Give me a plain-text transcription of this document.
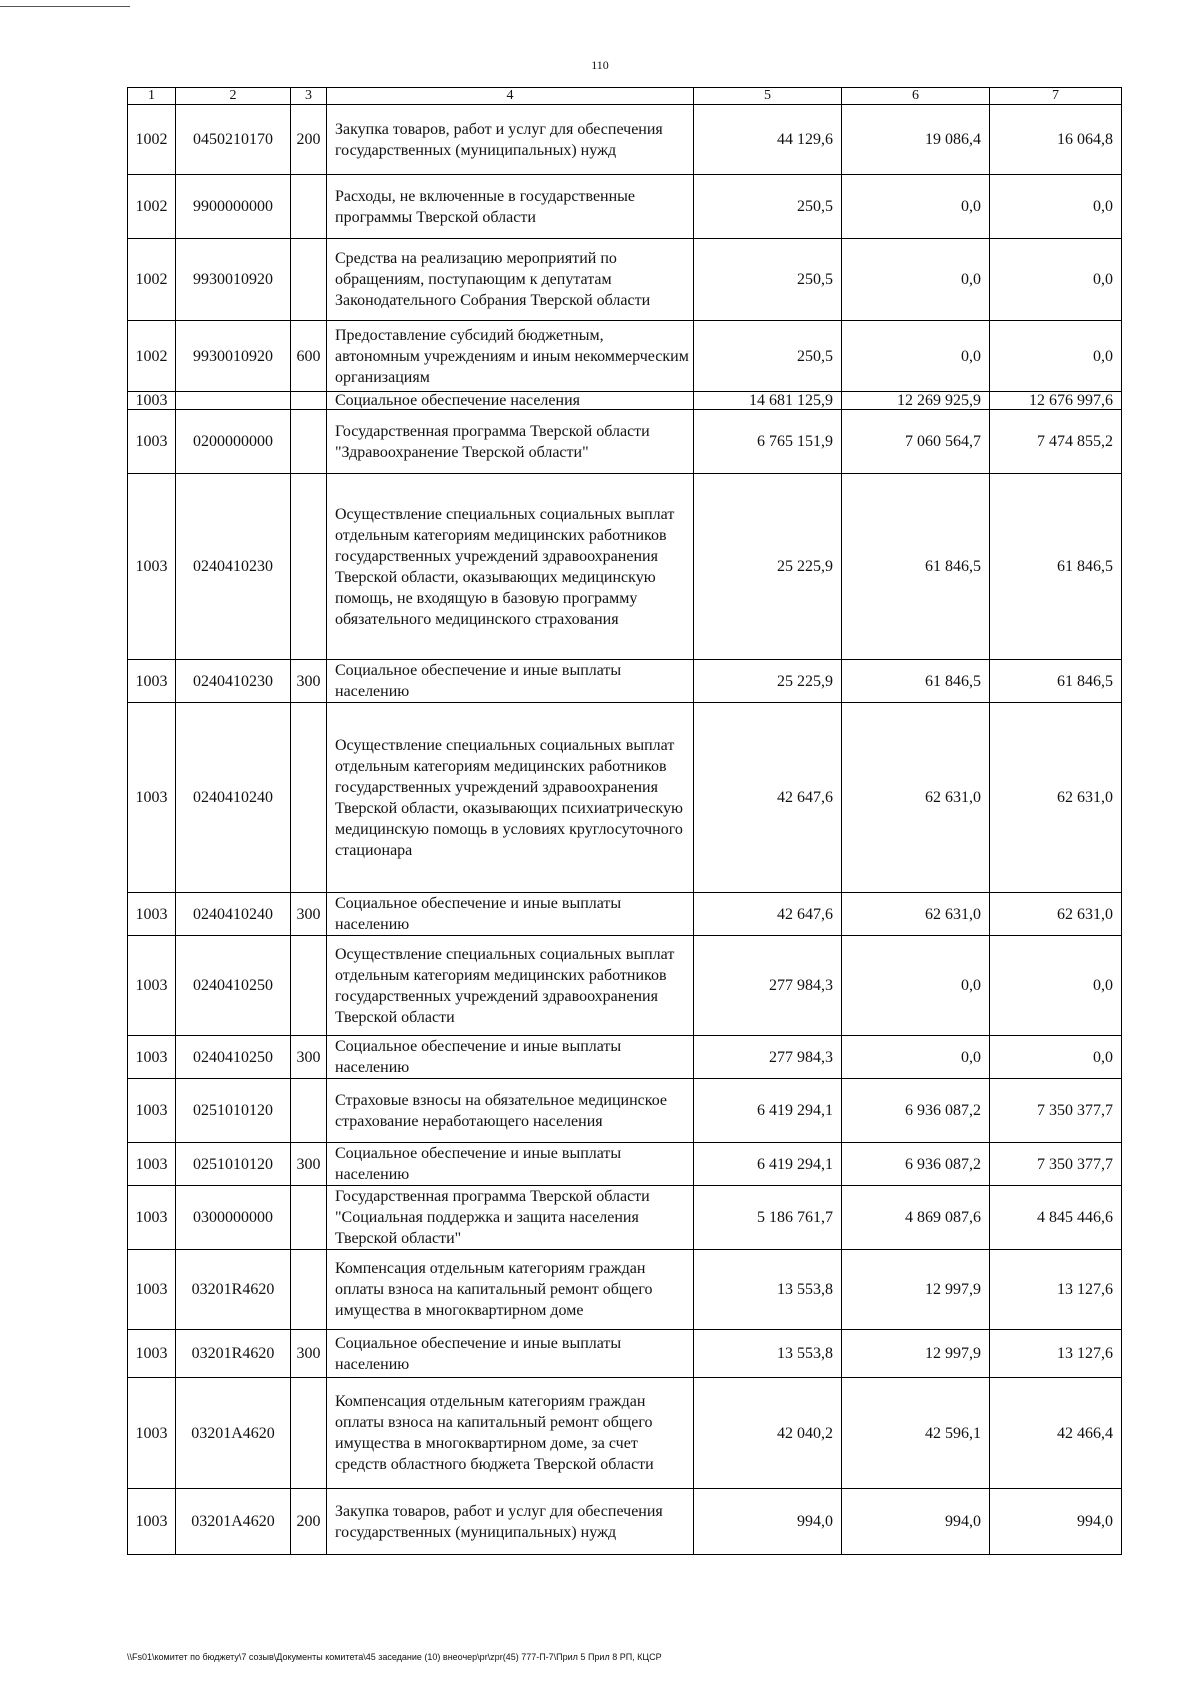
110
1	2	3	4	5	6	7
1002	0450210170	200	Закупка товаров, работ и услуг для обеспечения государственных (муниципальных) нужд	44 129,6	19 086,4	16 064,8
1002	9900000000		Расходы, не включенные в государственные программы Тверской области	250,5	0,0	0,0
1002	9930010920		Средства на реализацию мероприятий по обращениям, поступающим к депутатам Законодательного Собрания Тверской области	250,5	0,0	0,0
1002	9930010920	600	Предоставление субсидий бюджетным, автономным учреждениям и иным некоммерческим организациям	250,5	0,0	0,0
1003			Социальное обеспечение населения	14 681 125,9	12 269 925,9	12 676 997,6
1003	0200000000		Государственная программа Тверской области "Здравоохранение Тверской области"	6 765 151,9	7 060 564,7	7 474 855,2
1003	0240410230		Осуществление специальных социальных выплат отдельным категориям медицинских работников государственных учреждений здравоохранения Тверской области, оказывающих медицинскую помощь, не входящую в базовую программу обязательного медицинского страхования	25 225,9	61 846,5	61 846,5
1003	0240410230	300	Социальное обеспечение и иные выплаты населению	25 225,9	61 846,5	61 846,5
1003	0240410240		Осуществление специальных социальных выплат отдельным категориям медицинских работников государственных учреждений здравоохранения Тверской области, оказывающих психиатрическую медицинскую помощь в условиях круглосуточного стационара	42 647,6	62 631,0	62 631,0
1003	0240410240	300	Социальное обеспечение и иные выплаты населению	42 647,6	62 631,0	62 631,0
1003	0240410250		Осуществление специальных социальных выплат отдельным категориям медицинских работников государственных учреждений здравоохранения Тверской области	277 984,3	0,0	0,0
1003	0240410250	300	Социальное обеспечение и иные выплаты населению	277 984,3	0,0	0,0
1003	0251010120		Страховые взносы на обязательное медицинское страхование неработающего населения	6 419 294,1	6 936 087,2	7 350 377,7
1003	0251010120	300	Социальное обеспечение и иные выплаты населению	6 419 294,1	6 936 087,2	7 350 377,7
1003	0300000000		Государственная программа Тверской области "Социальная поддержка и защита населения Тверской области"	5 186 761,7	4 869 087,6	4 845 446,6
1003	03201R4620		Компенсация отдельным категориям граждан оплаты взноса на капитальный ремонт общего имущества в многоквартирном доме	13 553,8	12 997,9	13 127,6
1003	03201R4620	300	Социальное обеспечение и иные выплаты населению	13 553,8	12 997,9	13 127,6
1003	03201A4620		Компенсация отдельным категориям граждан оплаты взноса на капитальный ремонт общего имущества в многоквартирном доме, за счет средств областного бюджета Тверской области	42 040,2	42 596,1	42 466,4
1003	03201A4620	200	Закупка товаров, работ и услуг для обеспечения государственных (муниципальных) нужд	994,0	994,0	994,0
\\Fs01\комитет по бюджету\7 созыв\Документы комитета\45 заседание (10) внеочер\pr\zpr(45) 777-П-7\Прил 5 Прил 8 РП, КЦСР
